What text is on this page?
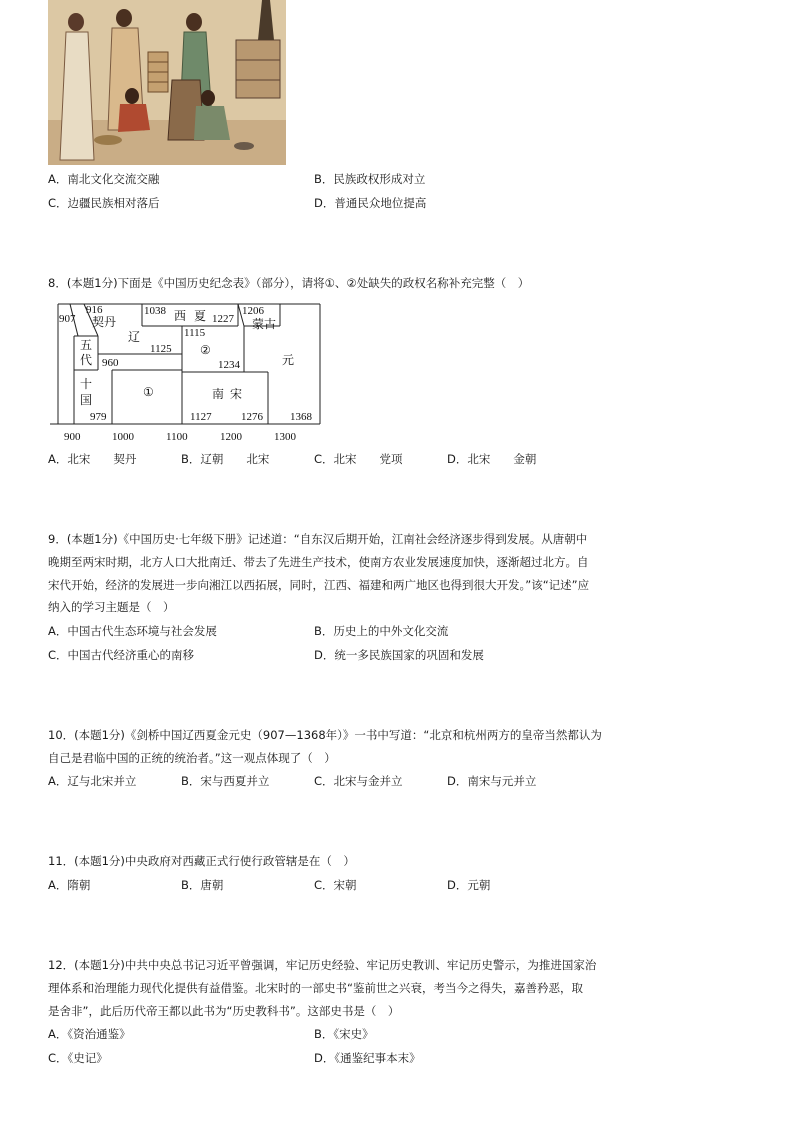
A．南北文化交流交融	B．民族政权形成对立
C．边疆民族相对落后	D．普通民众地位提高
8．(本题1分)下面是《中国历史纪念表》（部分），请将①、②处缺失的政权名称补充完整（　）
907
916	1038
1227
1206
1115
1125
960	1234
979	1127	1276 1368
契丹	西 夏
蒙古
五
代
辽
②
元
十
国
①	南 宋
900	1000	1100	1200	1300
A．北宋　　契丹	B．辽朝　　北宋	C．北宋　　党项	D．北宋　　金朝
9．(本题1分)《中国历史·七年级下册》记述道：“自东汉后期开始，江南社会经济逐步得到发展。从唐朝中
晚期至两宋时期，北方人口大批南迁、带去了先进生产技术，使南方农业发展速度加快，逐渐超过北方。自
宋代开始，经济的发展进一步向湘江以西拓展，同时，江西、福建和两广地区也得到很大开发。”该“记述”应
纳入的学习主题是（　）
A．中国古代生态环境与社会发展	B．历史上的中外文化交流
C．中国古代经济重心的南移	D．统一多民族国家的巩固和发展
10．(本题1分)《剑桥中国辽西夏金元史（907—1368年）》一书中写道：“北京和杭州两方的皇帝当然都认为
自己是君临中国的正统的统治者。”这一观点体现了（　）
A．辽与北宋并立	B．宋与西夏并立	C．北宋与金并立	D．南宋与元并立
11．(本题1分)中央政府对西藏正式行使行政管辖是在（　）
A．隋朝	B．唐朝	C．宋朝	D．元朝
12．(本题1分)中共中央总书记习近平曾强调，牢记历史经验、牢记历史教训、牢记历史警示，为推进国家治
理体系和治理能力现代化提供有益借鉴。北宋时的一部史书“鉴前世之兴衰，考当今之得失，嘉善矜恶，取
是舍非”，此后历代帝王都以此书为“历史教科书”。这部史书是（　）
A．《资治通鉴》	B．《宋史》
C．《史记》	D．《通鉴纪事本末》
